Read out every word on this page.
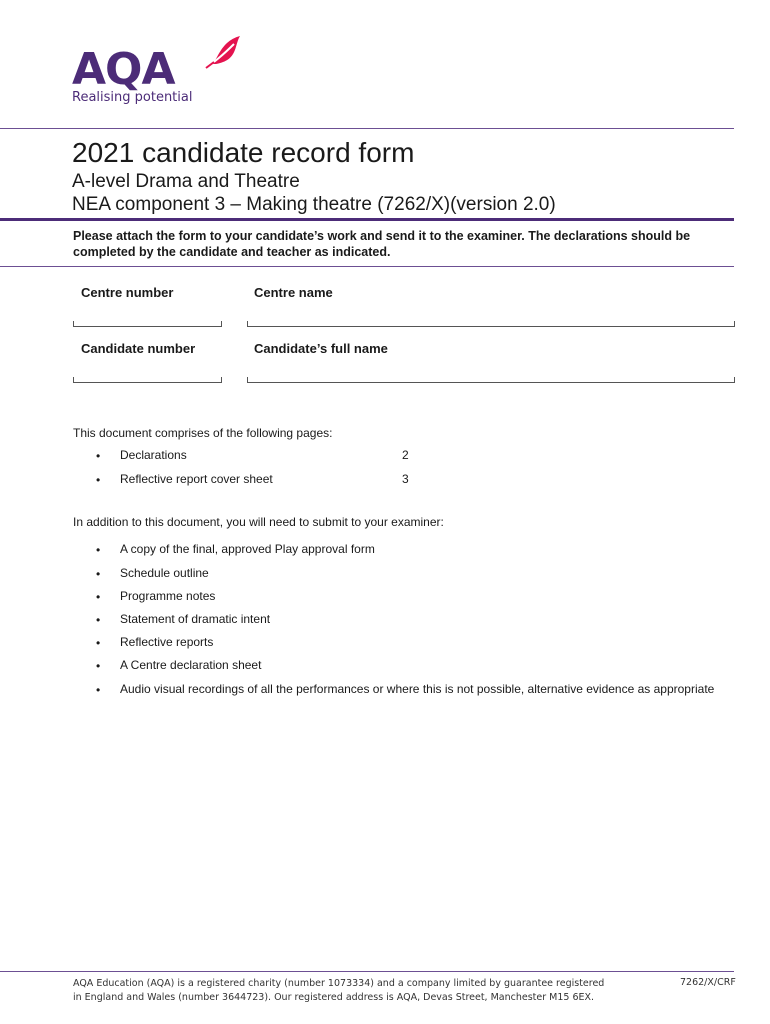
AQA
Realising potential
2021 candidate record form
A-level Drama and Theatre
NEA component 3 – Making theatre (7262/X)(version 2.0)
Please attach the form to your candidate’s work and send it to the examiner. The declarations should be completed by the candidate and teacher as indicated.
Centre number	Centre name
Candidate number	Candidate’s full name
This document comprises of the following pages:
• Declarations	2
• Reflective report cover sheet	3
In addition to this document, you will need to submit to your examiner:
• A copy of the final, approved Play approval form
• Schedule outline
• Programme notes
• Statement of dramatic intent
• Reflective reports
• A Centre declaration sheet
• Audio visual recordings of all the performances or where this is not possible, alternative evidence as appropriate
AQA Education (AQA) is a registered charity (number 1073334) and a company limited by guarantee registered in England and Wales (number 3644723). Our registered address is AQA, Devas Street, Manchester M15 6EX.
7262/X/CRF
